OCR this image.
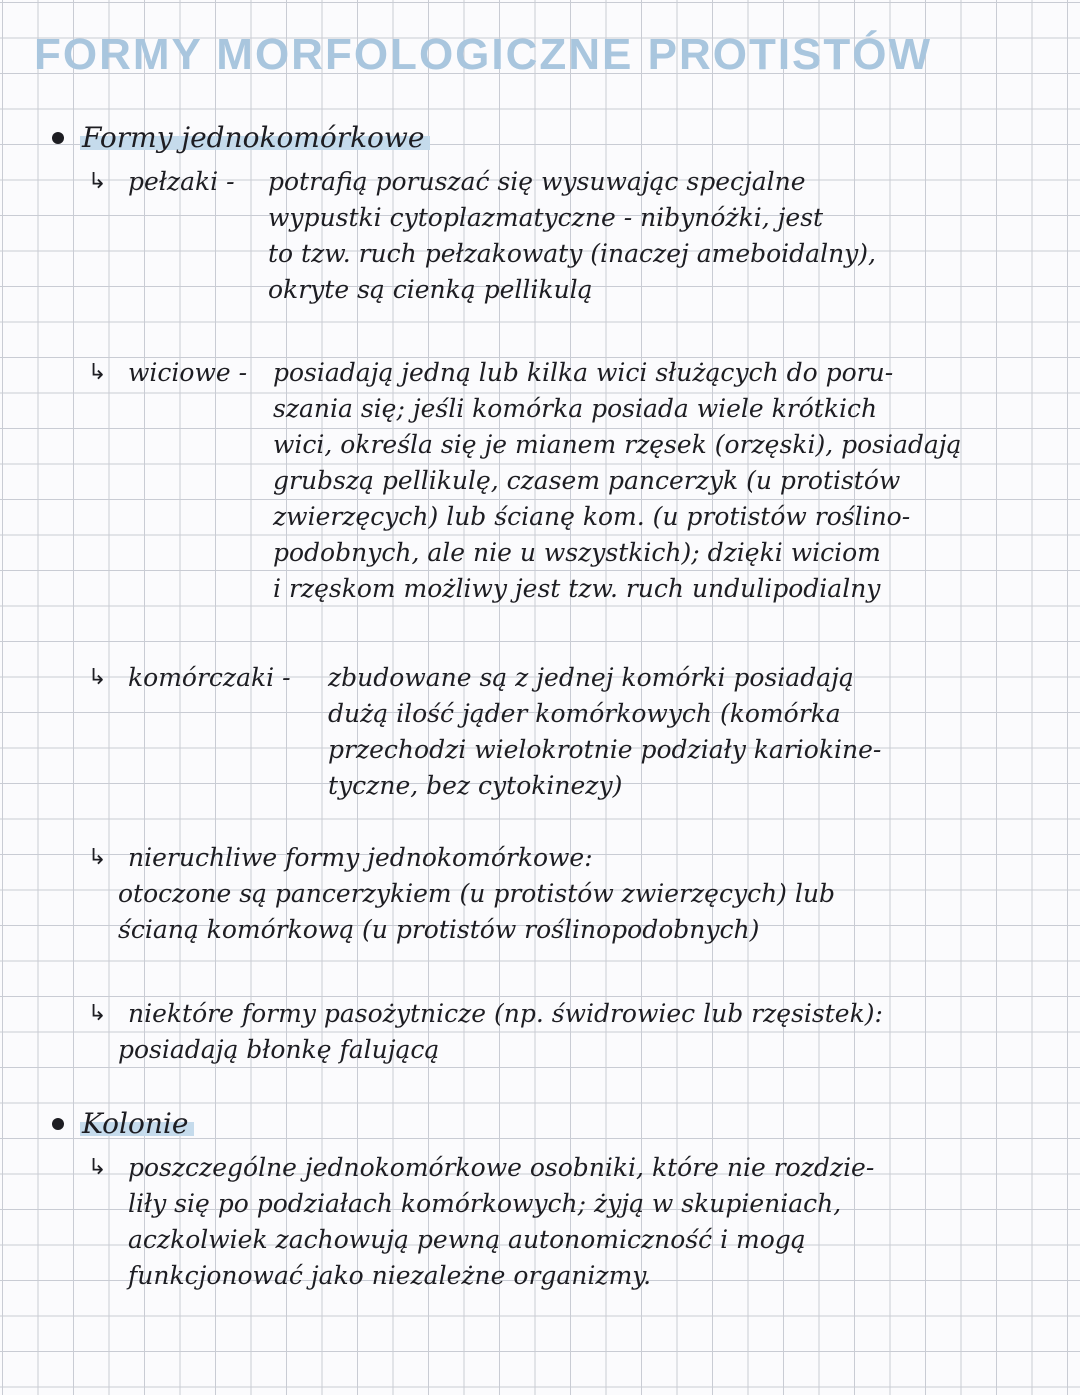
FORMY MORFOLOGICZNE PROTISTÓW
Formy jednokomórkowe
↳ pełzaki -	potrafią poruszać się wysuwając specjalne
wypustki cytoplazmatyczne - nibynóżki, jest
to tzw. ruch pełzakowaty (inaczej ameboidalny),
okryte są cienką pellikulą
↳ wiciowe -	posiadają jedną lub kilka wici służących do poru-
szania się; jeśli komórka posiada wiele krótkich
wici, określa się je mianem rzęsek (orzęski), posiadają
grubszą pellikulę, czasem pancerzyk (u protistów
zwierzęcych) lub ścianę kom. (u protistów roślino-
podobnych, ale nie u wszystkich); dzięki wiciom
i rzęskom możliwy jest tzw. ruch undulipodialny
↳ komórczaki -	zbudowane są z jednej komórki posiadają
dużą ilość jąder komórkowych (komórka
przechodzi wielokrotnie podziały kariokine-
tyczne, bez cytokinezy)
↳ nieruchliwe formy jednokomórkowe:
otoczone są pancerzykiem (u protistów zwierzęcych) lub
ścianą komórkową (u protistów roślinopodobnych)
↳ niektóre formy pasożytnicze (np. świdrowiec lub rzęsistek):
posiadają błonkę falującą
Kolonie
↳ poszczególne jednokomórkowe osobniki, które nie rozdzie-
liły się po podziałach komórkowych; żyją w skupieniach,
aczkolwiek zachowują pewną autonomiczność i mogą
funkcjonować jako niezależne organizmy.
